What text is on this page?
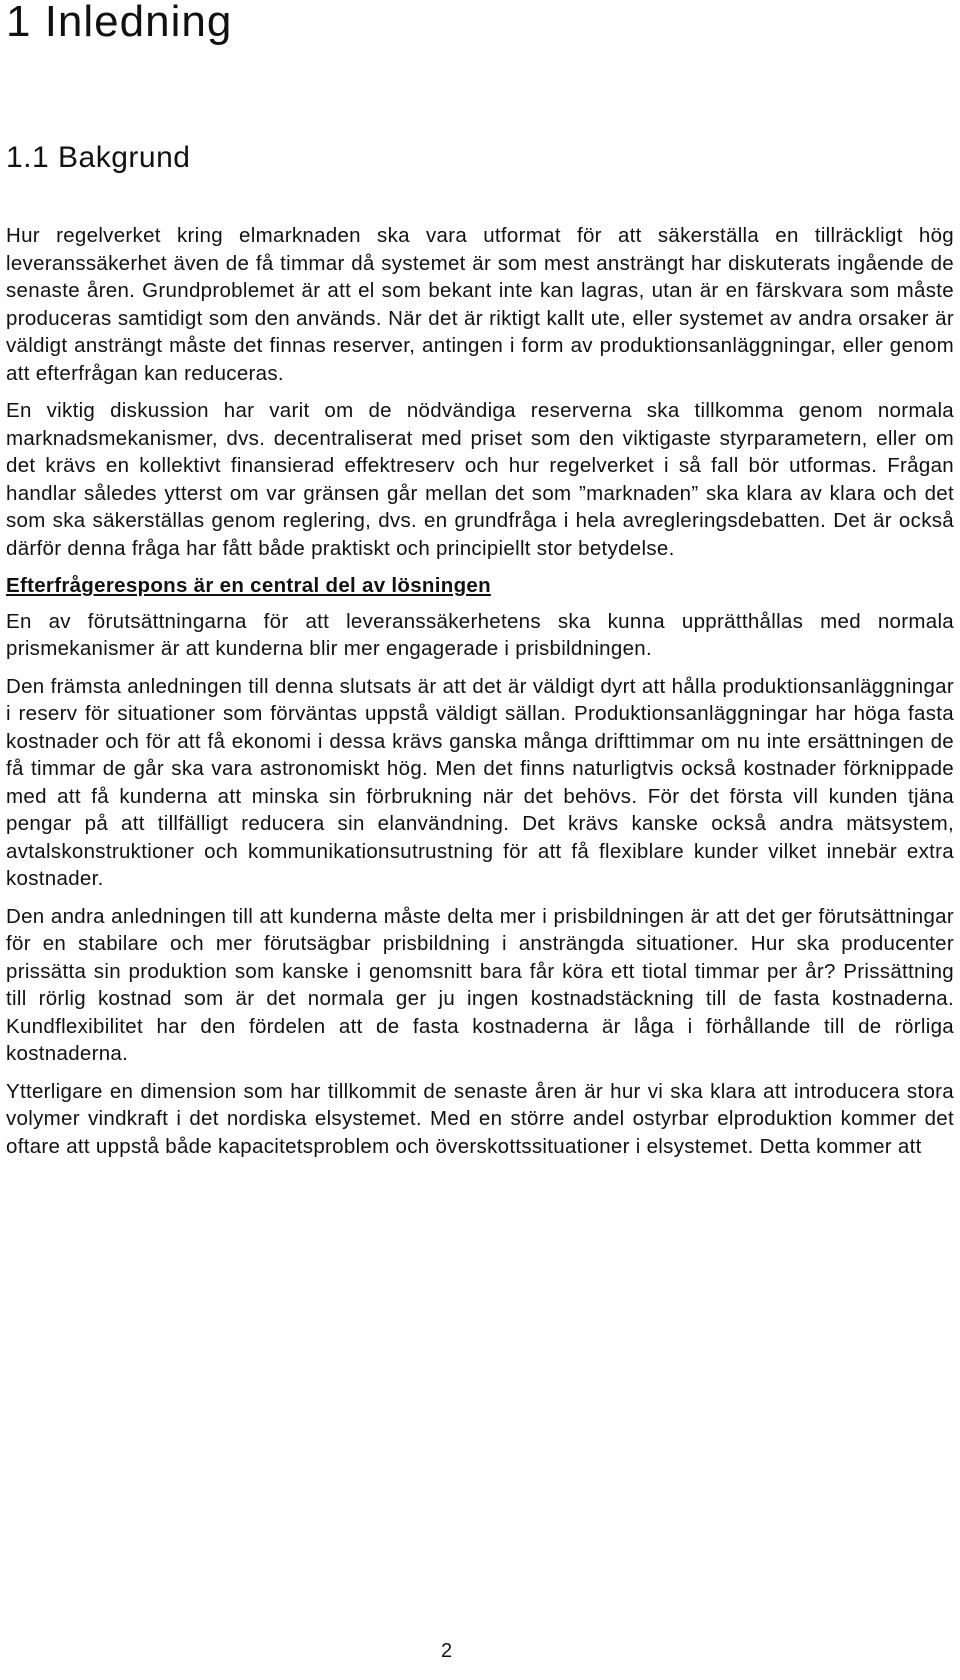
1 Inledning
1.1 Bakgrund

Hur regelverket kring elmarknaden ska vara utformat för att säkerställa en tillräckligt hög leveranssäkerhet även de få timmar då systemet är som mest ansträngt har diskuterats ingående de senaste åren. Grundproblemet är att el som bekant inte kan lagras, utan är en färskvara som måste produceras samtidigt som den används. När det är riktigt kallt ute, eller systemet av andra orsaker är väldigt ansträngt måste det finnas reserver, antingen i form av produktionsanläggningar, eller genom att efterfrågan kan reduceras.

En viktig diskussion har varit om de nödvändiga reserverna ska tillkomma genom normala marknadsmekanismer, dvs. decentraliserat med priset som den viktigaste styrparametern, eller om det krävs en kollektivt finansierad effektreserv och hur regelverket i så fall bör utformas. Frågan handlar således ytterst om var gränsen går mellan det som ”marknaden” ska klara av klara och det som ska säkerställas genom reglering, dvs. en grundfråga i hela avregleringsdebatten. Det är också därför denna fråga har fått både praktiskt och principiellt stor betydelse.

Efterfrågerespons är en central del av lösningen

En av förutsättningarna för att leveranssäkerhetens ska kunna upprätthållas med normala prismekanismer är att kunderna blir mer engagerade i prisbildningen.

Den främsta anledningen till denna slutsats är att det är väldigt dyrt att hålla produktionsanläggningar i reserv för situationer som förväntas uppstå väldigt sällan. Produktionsanläggningar har höga fasta kostnader och för att få ekonomi i dessa krävs ganska många drifttimmar om nu inte ersättningen de få timmar de går ska vara astronomiskt hög. Men det finns naturligtvis också kostnader förknippade med att få kunderna att minska sin förbrukning när det behövs. För det första vill kunden tjäna pengar på att tillfälligt reducera sin elanvändning. Det krävs kanske också andra mätsystem, avtalskonstruktioner och kommunikationsutrustning för att få flexiblare kunder vilket innebär extra kostnader.

Den andra anledningen till att kunderna måste delta mer i prisbildningen är att det ger förutsättningar för en stabilare och mer förutsägbar prisbildning i ansträngda situationer. Hur ska producenter prissätta sin produktion som kanske i genomsnitt bara får köra ett tiotal timmar per år? Prissättning till rörlig kostnad som är det normala ger ju ingen kostnadstäckning till de fasta kostnaderna. Kundflexibilitet har den fördelen att de fasta kostnaderna är låga i förhållande till de rörliga kostnaderna.

Ytterligare en dimension som har tillkommit de senaste åren är hur vi ska klara att introducera stora volymer vindkraft i det nordiska elsystemet. Med en större andel ostyrbar elproduktion kommer det oftare att uppstå både kapacitetsproblem och överskottssituationer i elsystemet. Detta kommer att

2
